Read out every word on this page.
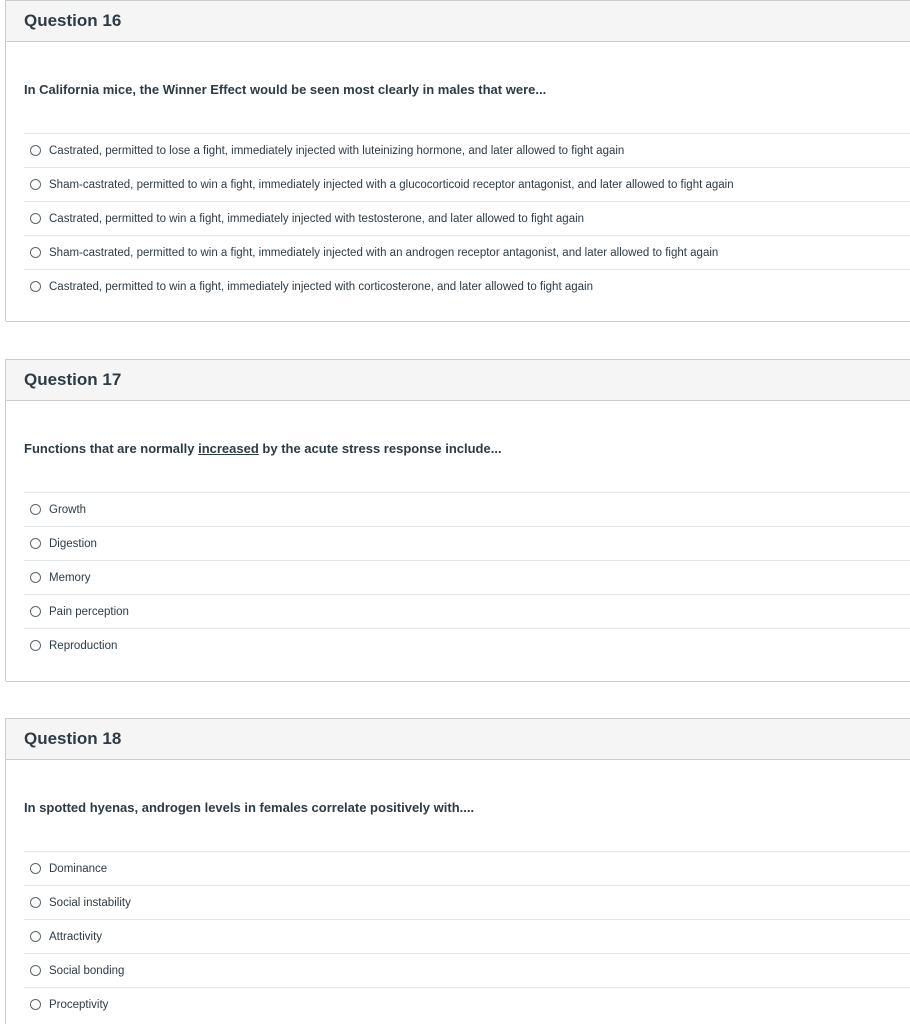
Question 16
In California mice, the Winner Effect would be seen most clearly in males that were...
Castrated, permitted to lose a fight, immediately injected with luteinizing hormone, and later allowed to fight again
Sham-castrated, permitted to win a fight, immediately injected with a glucocorticoid receptor antagonist, and later allowed to fight again
Castrated, permitted to win a fight, immediately injected with testosterone, and later allowed to fight again
Sham-castrated, permitted to win a fight, immediately injected with an androgen receptor antagonist, and later allowed to fight again
Castrated, permitted to win a fight, immediately injected with corticosterone, and later allowed to fight again
Question 17
Functions that are normally increased by the acute stress response include...
Growth
Digestion
Memory
Pain perception
Reproduction
Question 18
In spotted hyenas, androgen levels in females correlate positively with....
Dominance
Social instability
Attractivity
Social bonding
Proceptivity
